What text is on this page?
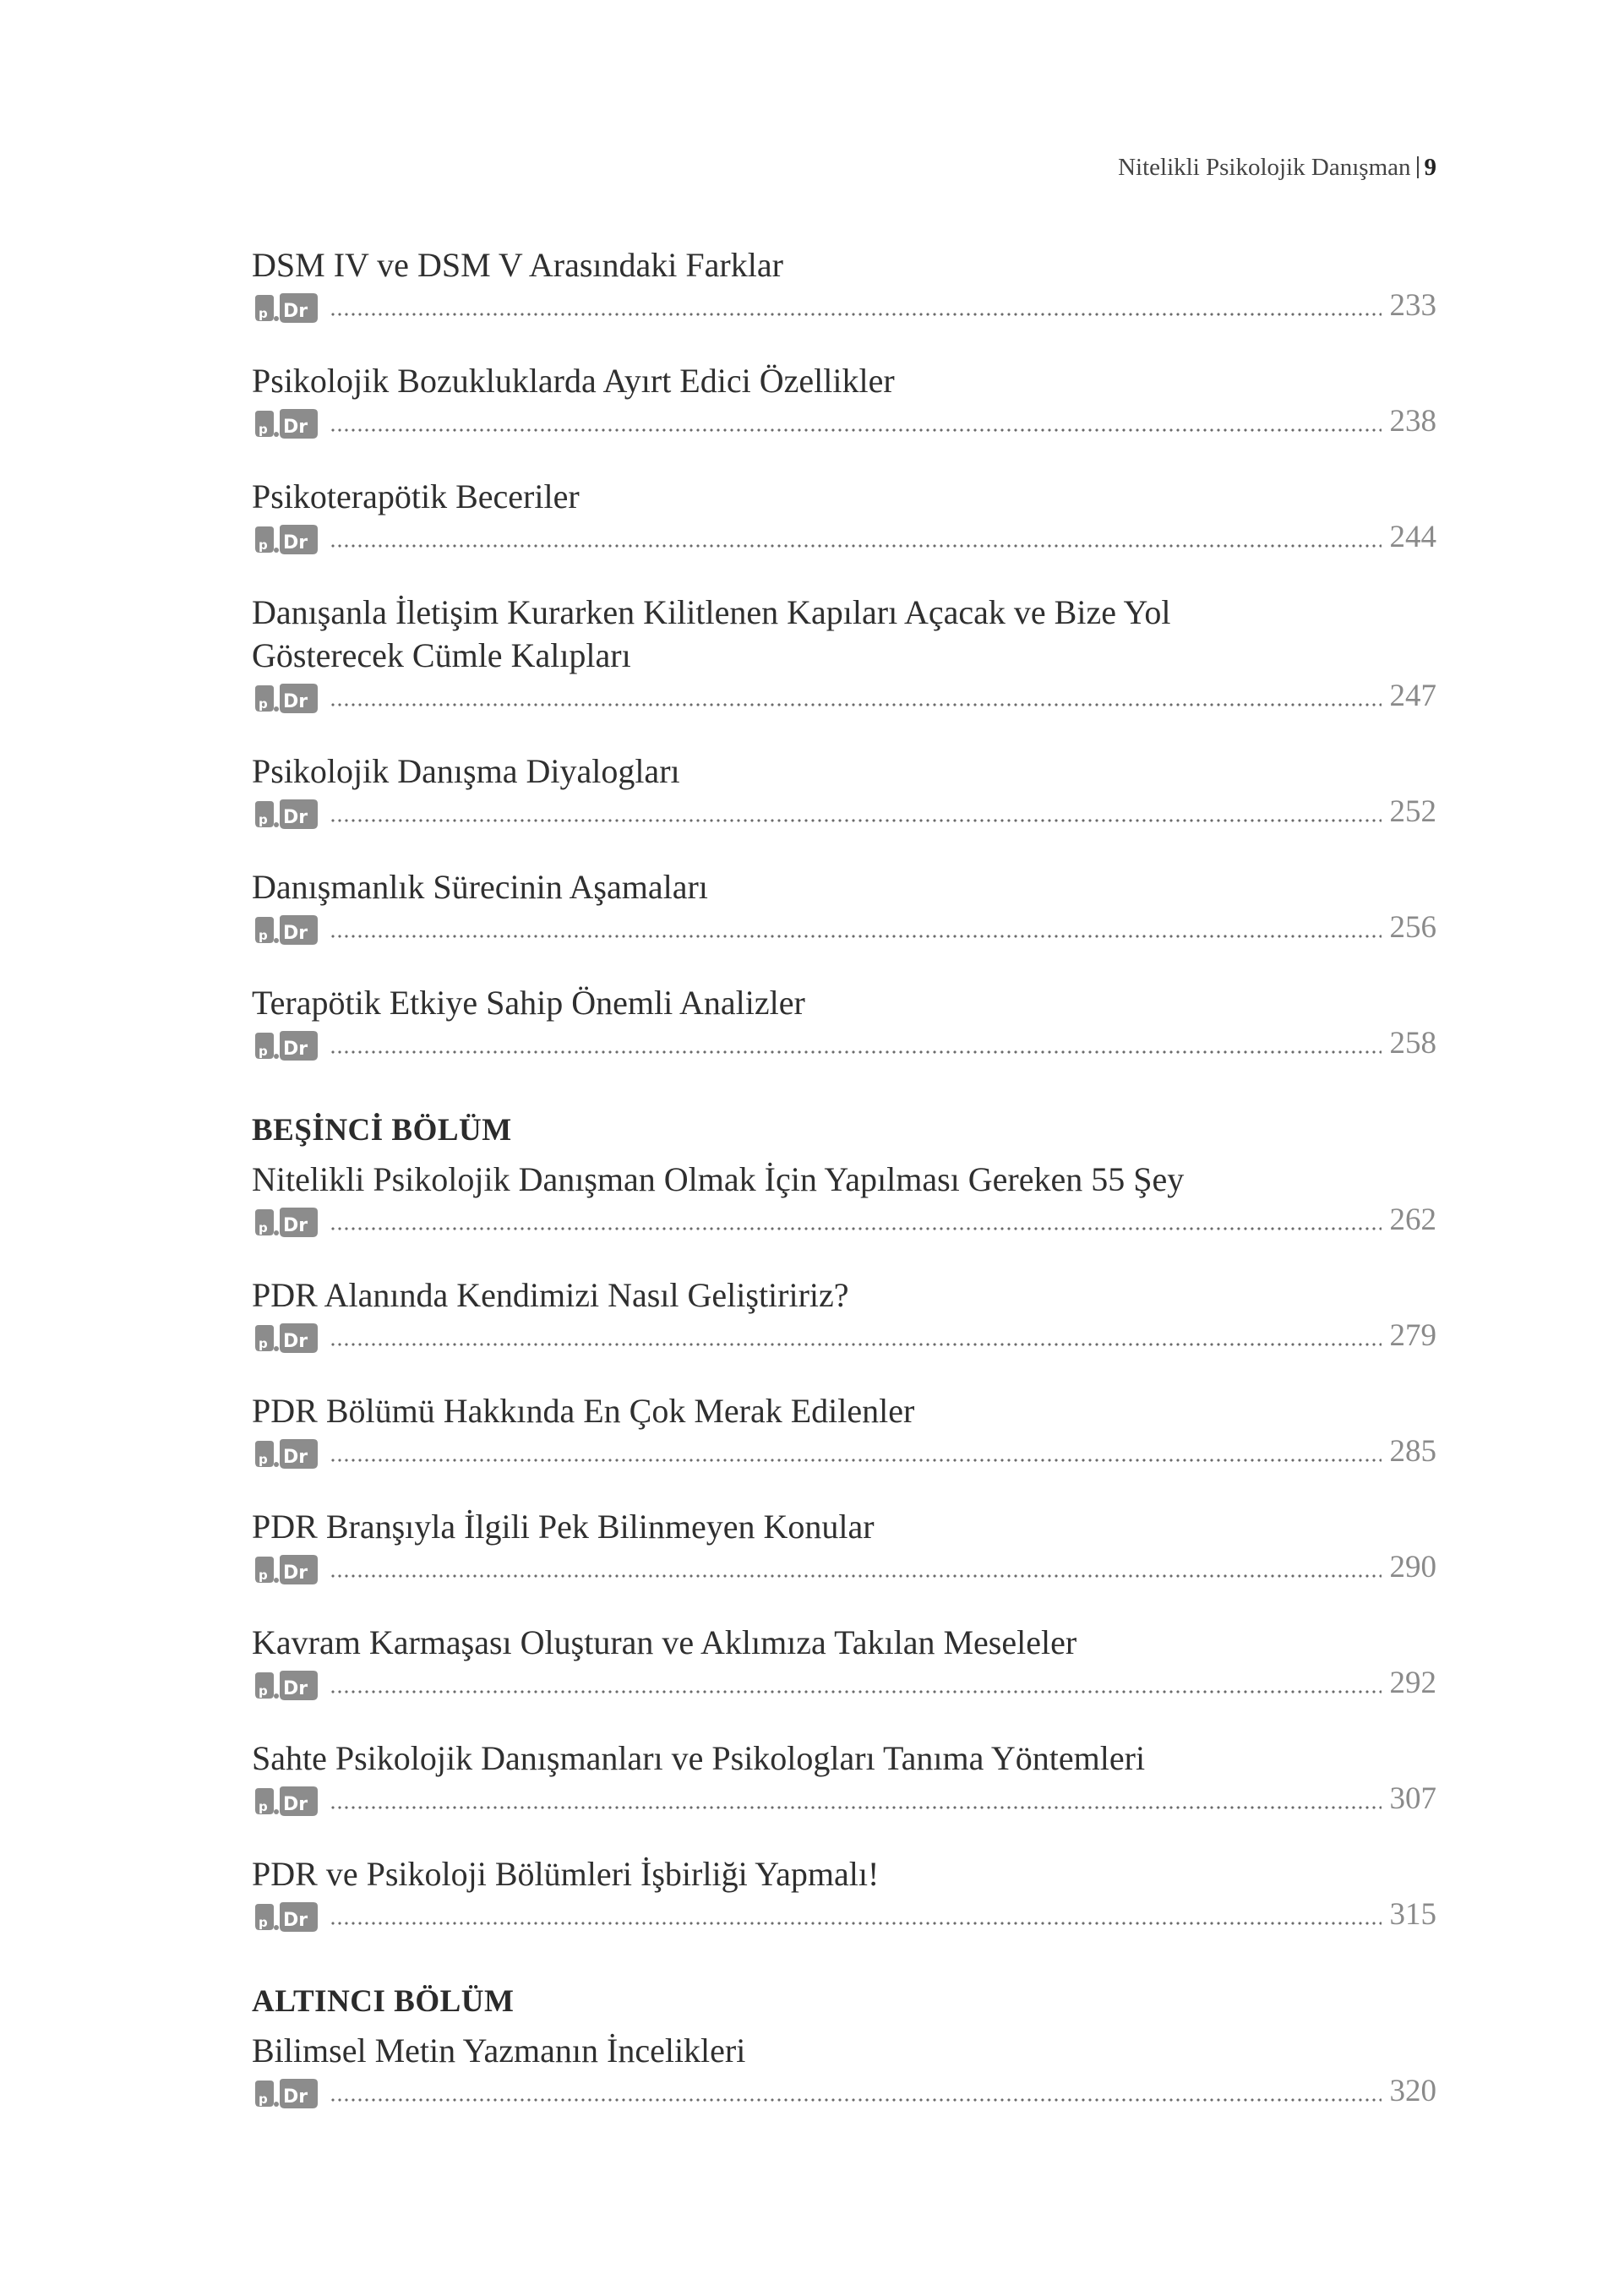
Nitelikli Psikolojik Danışman 9
DSM IV ve DSM V Arasındaki Farklar
p Dr	233
Psikolojik Bozukluklarda Ayırt Edici Özellikler
p Dr	238
Psikoterapötik Beceriler
p Dr	244
Danışanla İletişim Kurarken Kilitlenen Kapıları Açacak ve Bize Yol Gösterecek Cümle Kalıpları
p Dr	247
Psikolojik Danışma Diyalogları
p Dr	252
Danışmanlık Sürecinin Aşamaları
p Dr	256
Terapötik Etkiye Sahip Önemli Analizler
p Dr	258
BEŞİNCİ BÖLÜM
Nitelikli Psikolojik Danışman Olmak İçin Yapılması Gereken 55 Şey
p Dr	262
PDR Alanında Kendimizi Nasıl Geliştiririz?
p Dr	279
PDR Bölümü Hakkında En Çok Merak Edilenler
p Dr	285
PDR Branşıyla İlgili Pek Bilinmeyen Konular
p Dr	290
Kavram Karmaşası Oluşturan ve Aklımıza Takılan Meseleler
p Dr	292
Sahte Psikolojik Danışmanları ve Psikologları Tanıma Yöntemleri
p Dr	307
PDR ve Psikoloji Bölümleri İşbirliği Yapmalı!
p Dr	315
ALTINCI BÖLÜM
Bilimsel Metin Yazmanın İncelikleri
p Dr	320
